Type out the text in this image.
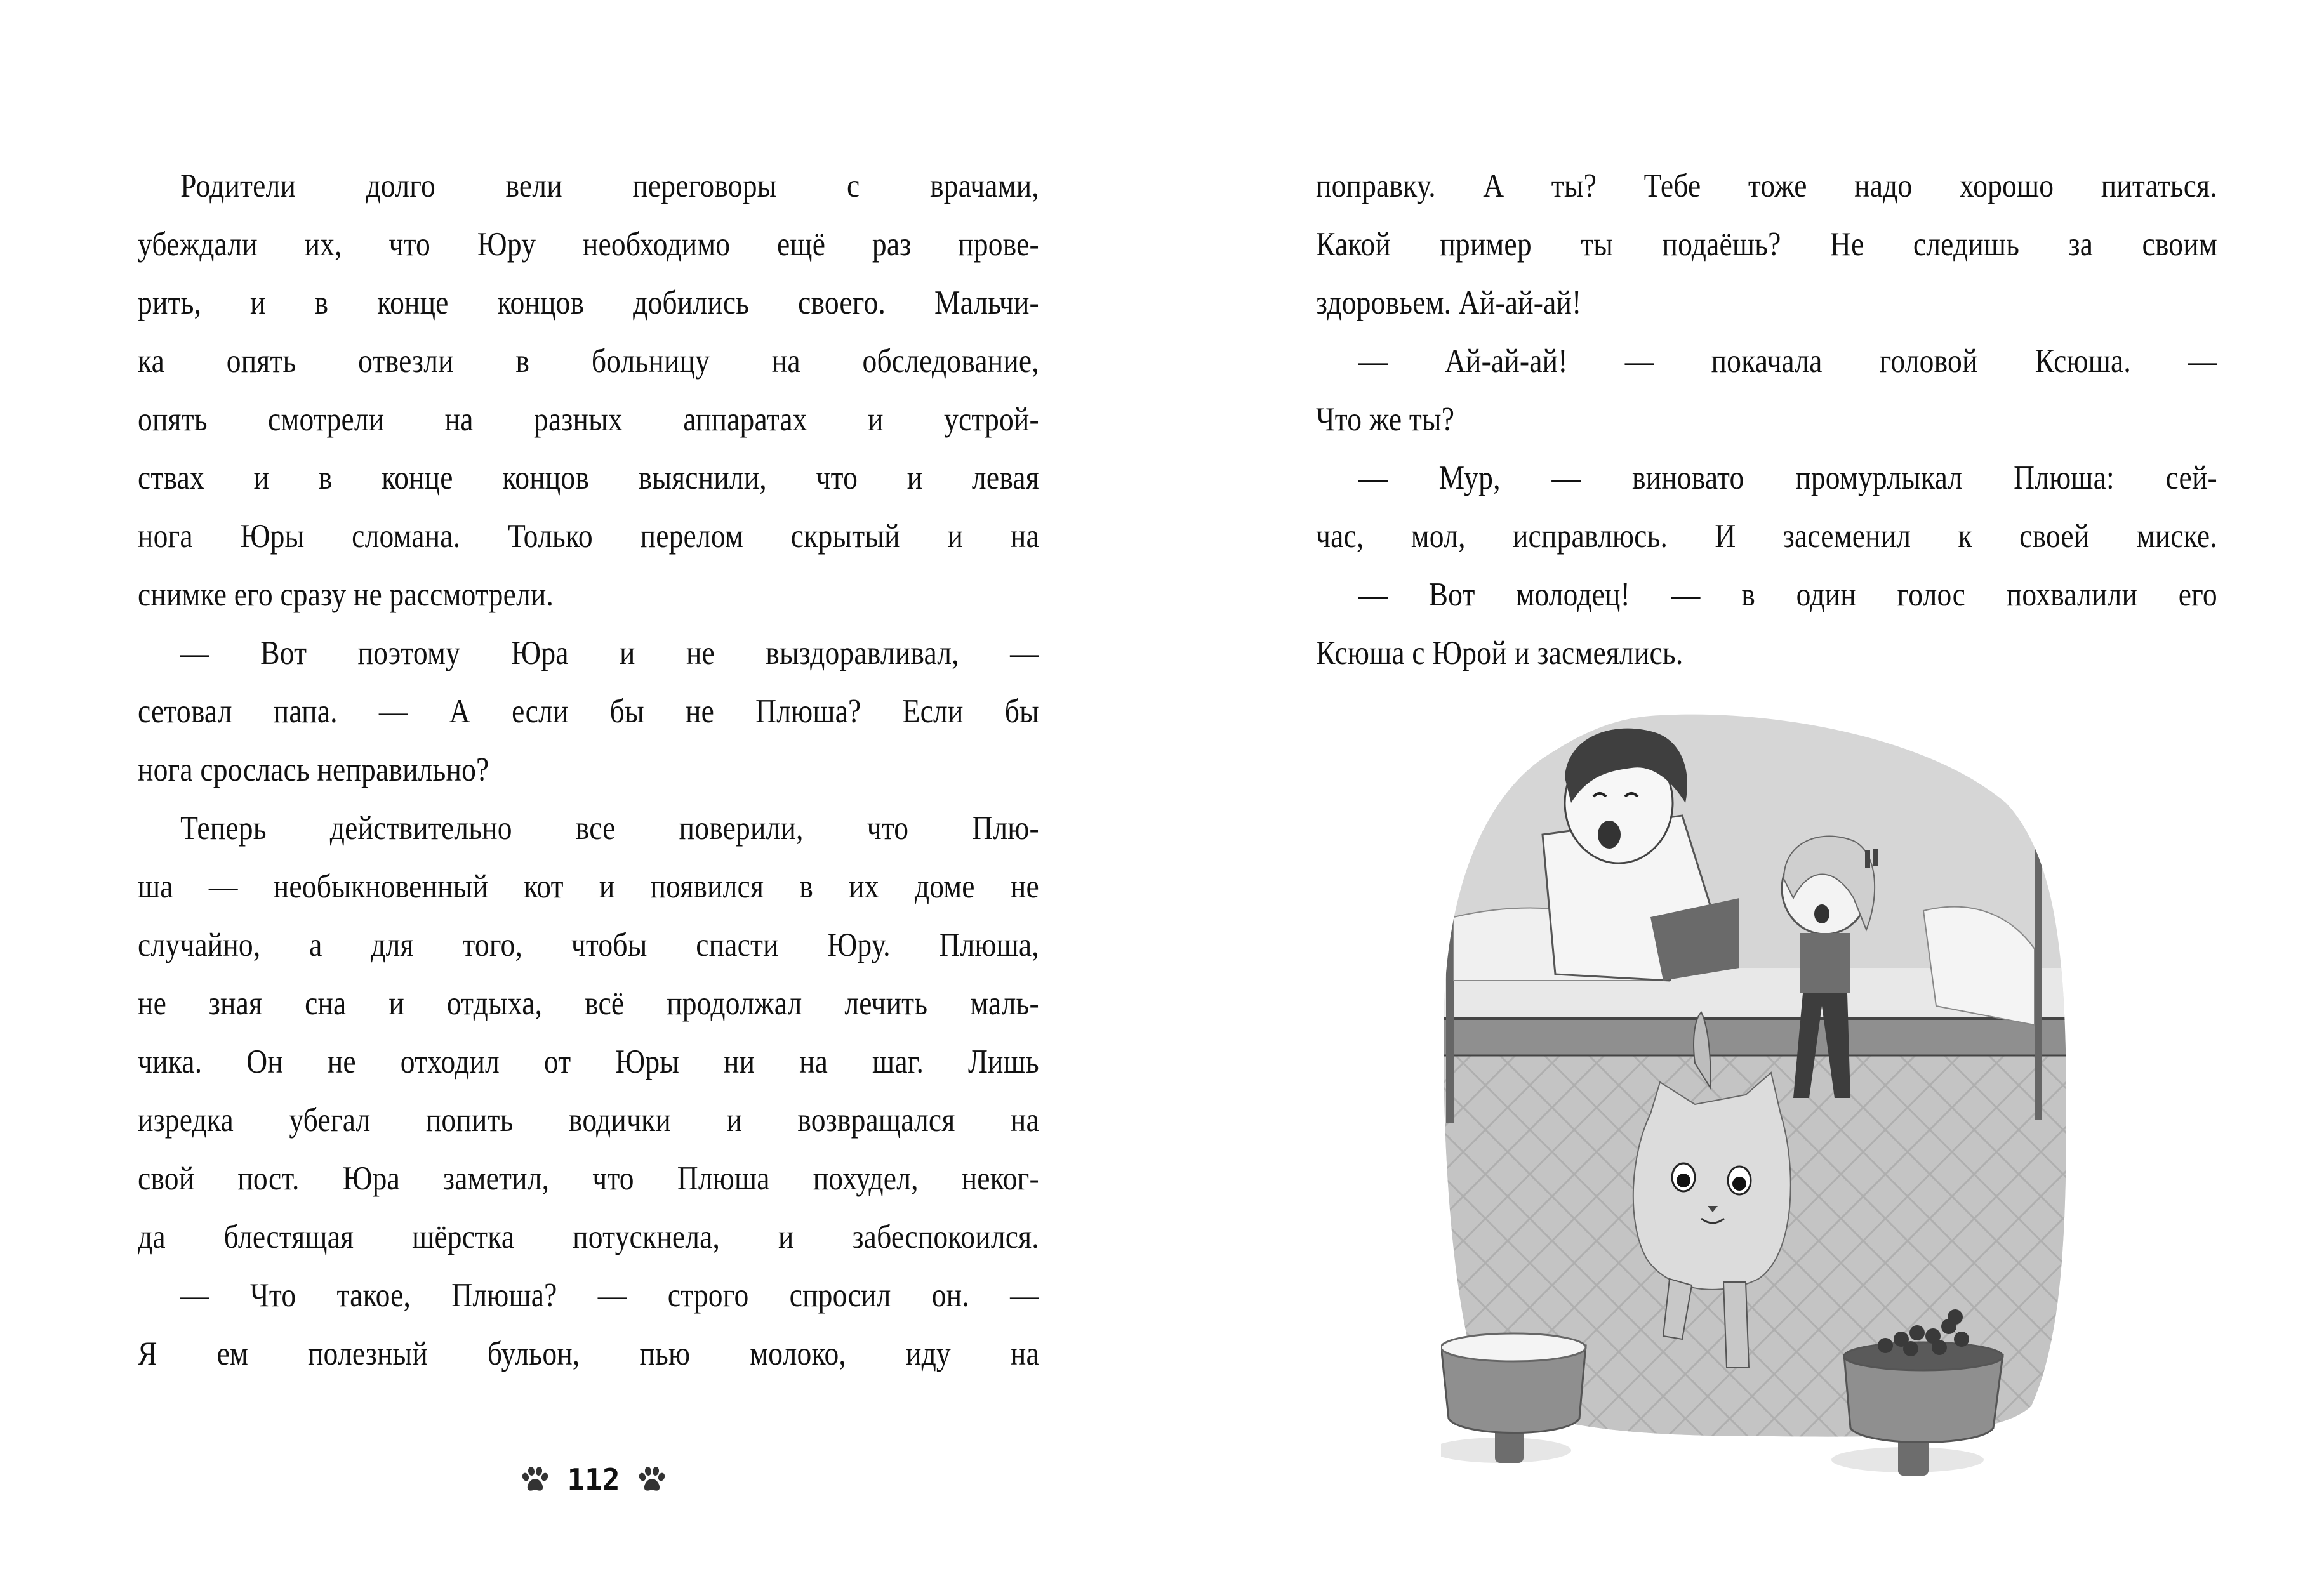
Родители долго вели переговоры с врачами,
убеждали их, что Юру необходимо ещё раз прове-
рить, и в конце концов добились своего. Мальчи-
ка опять отвезли в больницу на обследование,
опять смотрели на разных аппаратах и устрой-
ствах и в конце концов выяснили, что и левая
нога Юры сломана. Только перелом скрытый и на
снимке его сразу не рассмотрели.
— Вот поэтому Юра и не выздоравливал, —
сетовал папа. — А если бы не Плюша? Если бы
нога срослась неправильно?
Теперь действительно все поверили, что Плю-
ша — необыкновенный кот и появился в их доме не
случайно, а для того, чтобы спасти Юру. Плюша,
не зная сна и отдыха, всё продолжал лечить маль-
чика. Он не отходил от Юры ни на шаг. Лишь
изредка убегал попить водички и возвращался на
свой пост. Юра заметил, что Плюша похудел, неког-
да блестящая шёрстка потускнела, и забеспокоился.
— Что такое, Плюша? — строго спросил он. —
Я ем полезный бульон, пью молоко, иду на
112
поправку. А ты? Тебе тоже надо хорошо питаться.
Какой пример ты подаёшь? Не следишь за своим
здоровьем. Ай-ай-ай!
— Ай-ай-ай! — покачала головой Ксюша. —
Что же ты?
— Мур, — виновато промурлыкал Плюша: сей-
час, мол, исправлюсь. И засеменил к своей миске.
— Вот молодец! — в один голос похвалили его
Ксюша с Юрой и засмеялись.
